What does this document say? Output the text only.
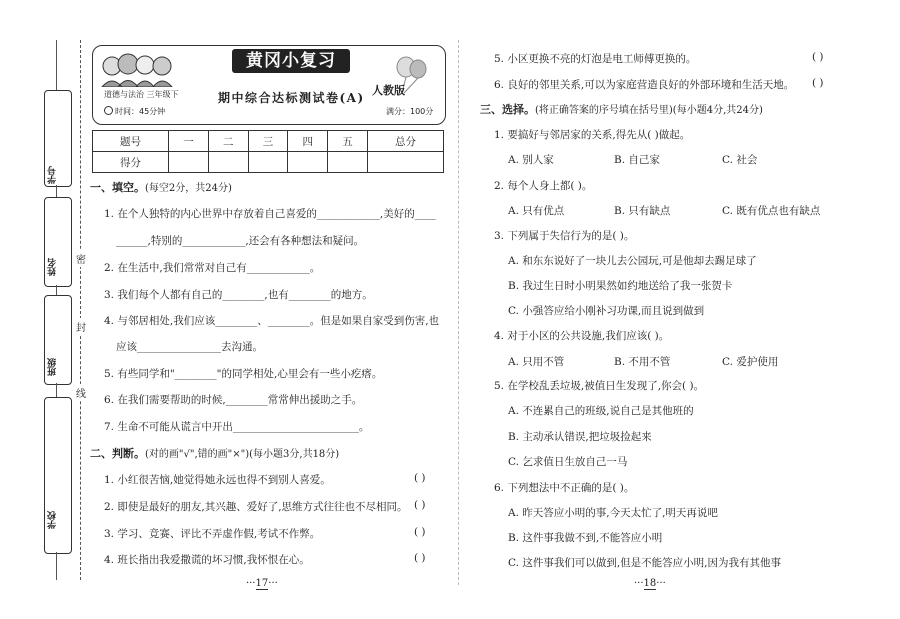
学号
姓名
班级
学校
密
封
线
黄冈小复习
人教版
道德与法治 三年级下	期中综合达标测试卷(A)
时间：45分钟	满分：100分
题号	一	二	三	四	五	总分
得分						
一、填空。(每空2分，共24分)
1. 在个人独特的内心世界中存放着自己喜爱的____________,美好的____
______,特别的____________,还会有各种想法和疑问。
2. 在生活中,我们常常对自己有____________。
3. 我们每个人都有自己的________,也有________的地方。
4. 与邻居相处,我们应该________、________。但是如果自家受到伤害,也
应该________________去沟通。
5. 有些同学和"________"的同学相处,心里会有一些小疙瘩。
6. 在我们需要帮助的时候,________常常伸出援助之手。
7. 生命不可能从谎言中开出________________________。
二、判断。(对的画"√",错的画"×")(每小题3分,共18分)
1. 小红很苦恼,她觉得她永远也得不到别人喜爱。	( )
2. 即使是最好的朋友,其兴趣、爱好了,思维方式往往也不尽相同。 ( )
3. 学习、竞赛、评比不弄虚作假,考试不作弊。	( )
4. 班长指出我爱撒谎的坏习惯,我怀恨在心。	( )
···17···
5. 小区更换不亮的灯泡是电工师傅更换的。	( )
6. 良好的邻里关系,可以为家庭营造良好的外部环境和生活天地。 ( )
三、选择。(将正确答案的序号填在括号里)(每小题4分,共24分)
1. 要搞好与邻居家的关系,得先从( )做起。
A. 别人家	B. 自己家	C. 社会
2. 每个人身上都( )。
A. 只有优点	B. 只有缺点	C. 既有优点也有缺点
3. 下列属于失信行为的是( )。
A. 和东东说好了一块儿去公园玩,可是他却去踢足球了
B. 我过生日时小明果然如约地送给了我一张贺卡
C. 小强答应给小刚补习功课,而且说到做到
4. 对于小区的公共设施,我们应该( )。
A. 只用不管	B. 不用不管	C. 爱护使用
5. 在学校乱丢垃圾,被值日生发现了,你会( )。
A. 不连累自己的班级,说自己是其他班的
B. 主动承认错误,把垃圾捡起来
C. 乞求值日生放自己一马
6. 下列想法中不正确的是( )。
A. 昨天答应小明的事,今天太忙了,明天再说吧
B. 这件事我做不到,不能答应小明
C. 这件事我们可以做到,但是不能答应小明,因为我有其他事
···18···
